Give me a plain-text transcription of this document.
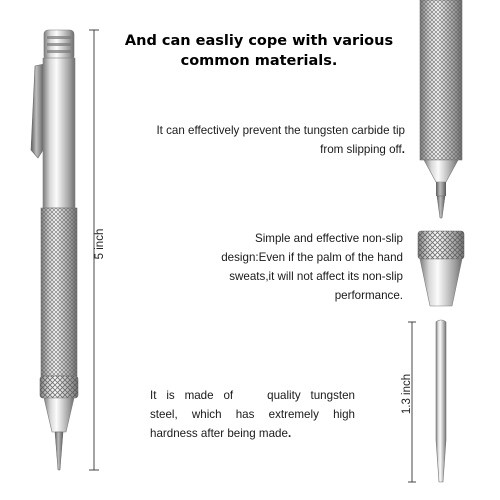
And can easliy cope with various
common materials.
It can effectively prevent the tungsten carbide tip from slipping off.
Simple and effective non-slip design:Even if the palm of the hand sweats,it will not affect its non-slip performance.
It is made of	quality tungsten steel, which has extremely high hardness after being made.
5 inch
1.3 inch
